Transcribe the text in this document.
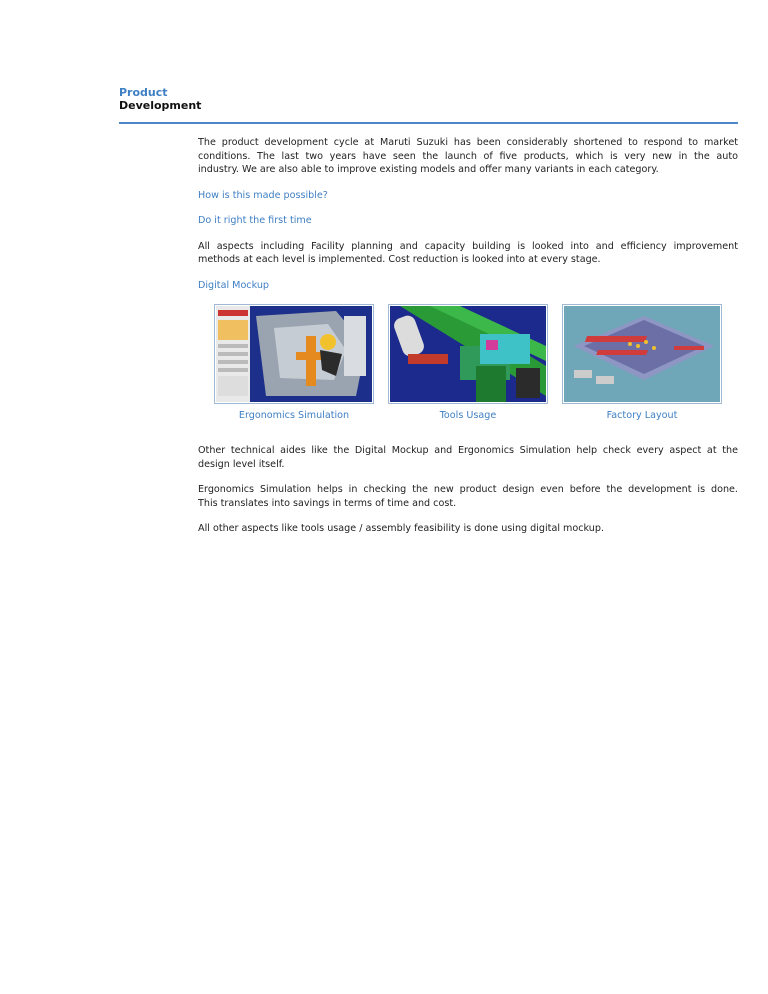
Product
Development

The product development cycle at Maruti Suzuki has been considerably shortened to respond to market
conditions. The last two years have seen the launch of five products, which is very new in the auto
industry. We are also able to improve existing models and offer many variants in each category.

How is this made possible?

Do it right the first time

All aspects including Facility planning and capacity building is looked into and efficiency improvement
methods at each level is implemented. Cost reduction is looked into at every stage.

Digital Mockup

Ergonomics Simulation	Tools Usage	Factory Layout

Other technical aides like the Digital Mockup and Ergonomics Simulation help check every aspect at the
design level itself.

Ergonomics Simulation helps in checking the new product design even before the development is done.
This translates into savings in terms of time and cost.

All other aspects like tools usage / assembly feasibility is done using digital mockup.
